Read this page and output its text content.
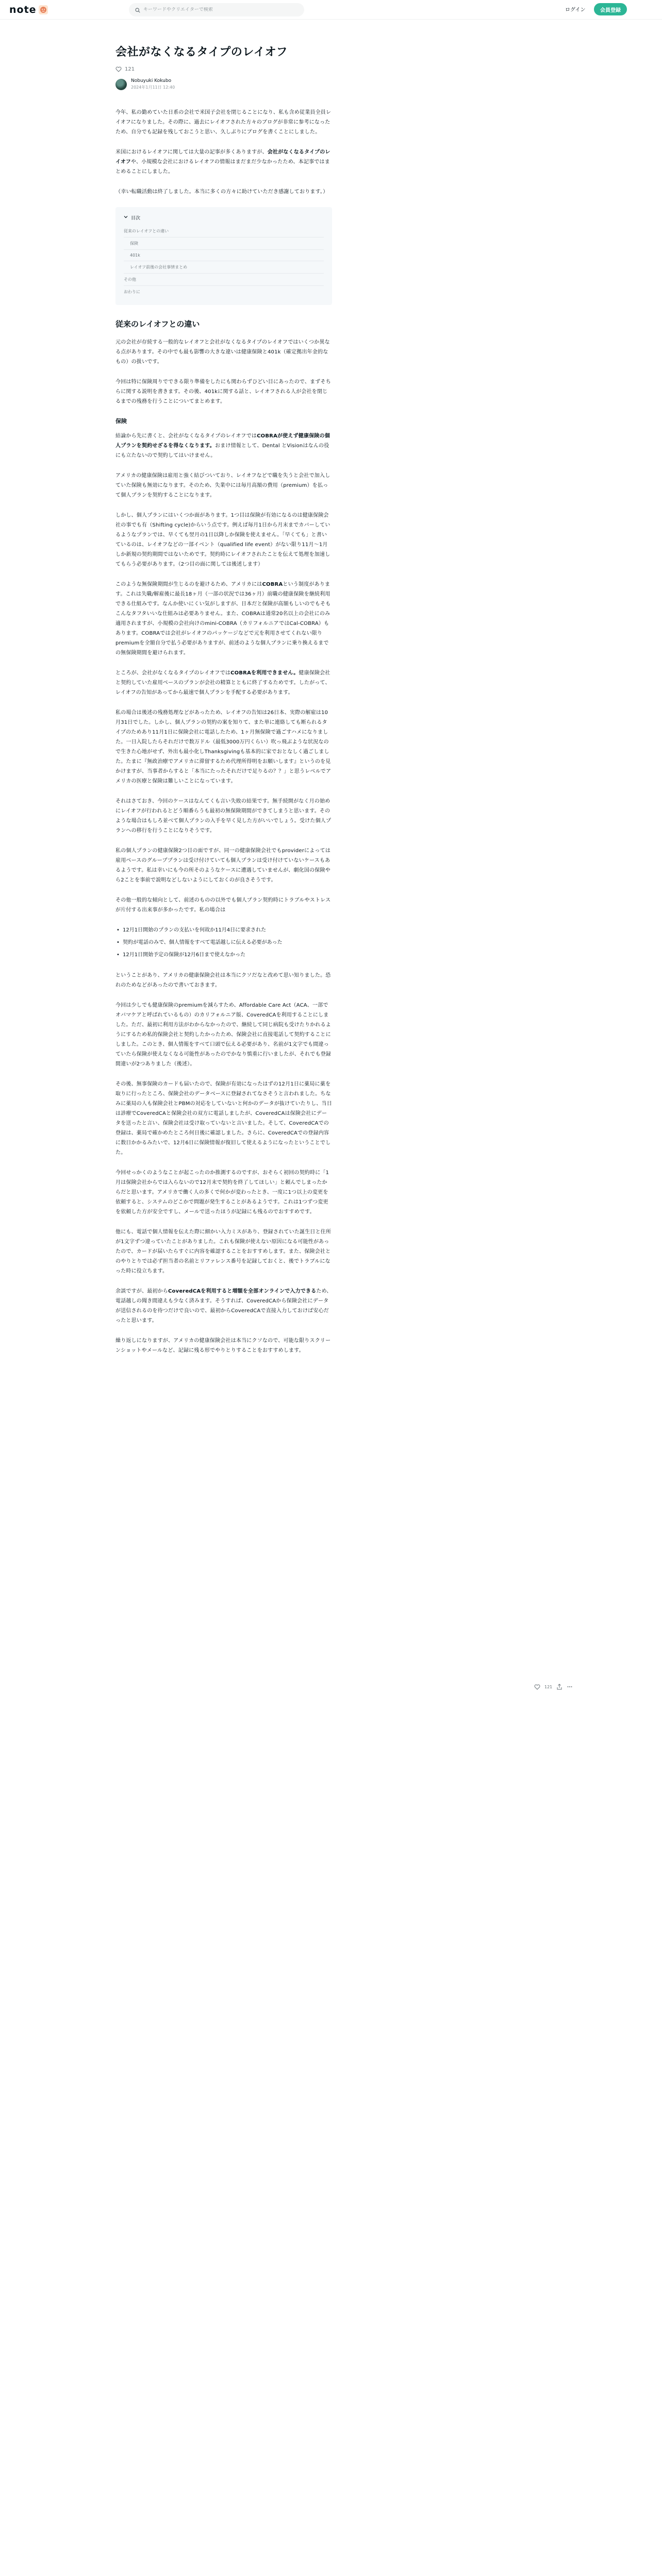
note
キーワードやクリエイターで検索	ログイン	会員登録
会社がなくなるタイプのレイオフ
121
Nobuyuki Kokubo
2024年1月11日 12:40

今年、私の勤めていた日系の会社で米国子会社を閉じることになり、私も含め従業員全員レイオフになりました。その際に、過去にレイオフされた方々のブログが非常に参考になったため、自分でも記録を残しておこうと思い、久しぶりにブログを書くことにしました。

米国におけるレイオフに関しては大量の記事が多くありますが、会社がなくなるタイプのレイオフや、小規模な会社におけるレイオフの情報はまだまだ少なかったため、本記事ではまとめることにしました。

（幸い転職活動は終了しました。本当に多くの方々に助けていただき感謝しております。）

目次
従来のレイオフとの違い
保険
401k
レイオフ前後の会社事情まとめ
その他
おわりに
従来のレイオフとの違い

元の会社が存続する一般的なレイオフと会社がなくなるタイプのレイオフではいくつか異なる点があります。その中でも最も影響の大きな違いは健康保険と401k（確定拠出年金的なもの）の扱いです。

今回は特に保険周りでできる限り準備をしたにも関わらずひどい目にあったので、まずそちらに関する説明を書きます。その後、401kに関する話と、レイオフされる人が会社を閉じるまでの残務を行うことについてまとめます。

保険

結論から先に書くと、会社がなくなるタイプのレイオフではCOBRAが使えず健康保険の個人プランを契約せざるを得なくなります。おまけ情報として、Dental とVisionはなんの役にも立たないので契約してはいけません。

アメリカの健康保険は雇用と強く結びついており、レイオフなどで職を失うと会社で加入していた保険も無効になります。そのため、失業中には毎月高額の費用（premium）を払って個人プランを契約することになります。

しかし、個人プランにはいくつか面があります。1つ目は保険が有効になるのは健康保険会社の事でも有（Shifting cycle)からいう点です。例えば毎月1日から月末までカバーしているようなプランでは、早くても翌月の1日以降しか保険を使えません。「早くても」と書いているのは、レイオフなどの一部イベント（qualified life event）がない限り11月〜1月しか新規の契約期間ではないためです。契約時にレイオフされたことを伝えて処理を加速してもらう必要があります。（2つ目の面に関しては後述します）

このような無保険期間が生じるのを避けるため、アメリカにはCOBRAという制度があります。これは失職/解雇後に最長18ヶ月（一部の状況では36ヶ月）前職の健康保険を継続利用できる仕組みです。なんか使いにくい気がしますが、日本だと保険が高額もしいのでもそもこんなタフタいいな仕組みは必要ありません。また、COBRAは通常20名以上の会社にのみ適用されますが、小規模の会社向けのmini-COBRA（カリフォルニアではCal-COBRA）もあります。COBRAでは会社がレイオフのパッケージなどで元を利用させてくれない限りpremiumを全額自分で払う必要がありますが、前述のような個人プランに乗り換えるまでの無保険期間を避けられます。

ところが、会社がなくなるタイプのレイオフではCOBRAを利用できません。健康保険会社と契約していた雇用ベースのプランが会社の精算とともに終了するためです。したがって、レイオフの告知があってから最速で個人プランを手配する必要があります。

私の場合は後述の残務処理などがあったため、レイオフの告知は26日本、実際の解雇は10月31日でした。しかし、個人プランの契約の案を知りて、また単に連絡しても断られるタイプのためあり11月1日に保険会社に電話したため、1ヶ月無保険で過ごすハメになりました。一日入院したらそれだけで数万ドル（最低3000万円くらい）吹っ飛ぶような状況なので生きた心地がせず、外出も最小化しThanksgivingも基本的に家でおとなしく過ごしました。たまに『無政治療でアメリカに滞留するため代理所得明をお願いします』というのを見かけますが、当事者からすると「本当にたったそれだけで足りるの？？」と思うレベルでアメリカの医療と保険は難しいことになっています。

それはさておき、今回のケースはなんてくも言い失敗の結果です。無手続開がなく月の始めにレイオフが行われるとどう順番らうも最初の無保険期間ができてしまうと思います。そのような場合はもしろ並べて個人プランの入手を早く見した方がいいでしょう。受けた個人プランへの移行を行うことになりそうです。

私の個人プランの健康保険2つ目の面ですが、同一の健康保険会社でもproviderによっては雇用ベースのグループプランは受け付けていても個人プランは受け付けていないケースもあるようです。私は幸いにも今の所そのようなケースに遭遇していませんが、劇化国の保険やら2ことを事前で説明などしないようにしておくのが良さそうです。

その他一般的な傾向として、前述のものの以外でも個人プラン契約時にトラブルやストレスが片付する出来事が多かったです。私の場合は

• 12月1日開始のプランの支払いを何故か11月4日に要求された
• 契約が電話のみで、個人情報をすべて電話越しに伝える必要があった
• 12月1日開始予定の保険が12月6日まで使えなかった

ということがあり、アメリカの健康保険会社は本当にクソだなと改めて思い知りました。恐れのためなどがあったので書いておきます。

今回は少しでも健康保険のpremiumを減らすため、Affordable Care Act（ACA、一部でオバマケアと呼ばれているもの）のカリフォルニア版、CoveredCAを利用することにしました。ただ、最初に利用方法がわからなかったので、継続して同じ病院も受けたりかれるようにするため私的保険会社と契約したかったため、保険会社に直接電話して契約することにしました。このとき、個人情報をすべて口頭で伝える必要があり、名前が1文字でも間違っていたら保険が使えなくなる可能性があったのでかなり慎重に行いましたが、それでも登録間違いが2つありました（後述）。

その後、無事保険のカードも届いたので、保険が有効になったはずの12月1日に薬局に薬を取りに行ったところ、保険会社のデータベースに登録されてなさそうと言われました。ちなみに薬局の人も保険会社とPBMの対応をしていないと何かのデータが抜けていたりし、当日は診療でCoveredCAと保険会社の双方に電話しましたが、CoveredCAは保険会社にデータを送ったと言い、保険会社は受け取っていないと言いました。そして、CoveredCAでの登録は、薬局で確かめたところ何日後に確認しました。さらに、CoveredCAでの登録内容に数日かかるみたいで、12月6日に保険情報が復旧して使えるようになったということでした。

今回せっかくのようなことが起こったのか推測するのですが、おそらく初回の契約時に「1月は保険会社からでは入らないので12月末で契約を終了してほしい」と頼んでしまったからだと思います。アメリカで働く人の多くで何かが変わったとき、一度に1つ以上の変更を依頼すると、システムのどこかで問題が発生することがあるようです。これは1つずつ変更を依頼した方が安全ですし、メールで送ったほうが記録にも残るのでおすすめです。

他にも、電話で個人情報を伝えた際に細かい入力ミスがあり、登録されていた誕生日と住所が1文字ずつ違っていたことがありました。これも保険が使えない原因になる可能性があったので、カードが届いたらすぐに内容を確認することをおすすめします。また、保険会社とのやりとりでは必ず担当者の名前とリファレンス番号を記録しておくと、後でトラブルになった時に役立ちます。

余談ですが、最初からCoveredCAを利用すると増額を全部オンラインで入力できるため、電話越しの聞き間違えも少なく済みます。そうすれば、CoveredCAから保険会社にデータが送信されるのを待つだけで良いので、最初からCoveredCAで直接入力しておけば安心だったと思います。

繰り返しになりますが、アメリカの健康保険会社は本当にクソなので、可能な限りスクリーンショットやメールなど、記録に残る形でやりとりすることをおすすめします。

121
